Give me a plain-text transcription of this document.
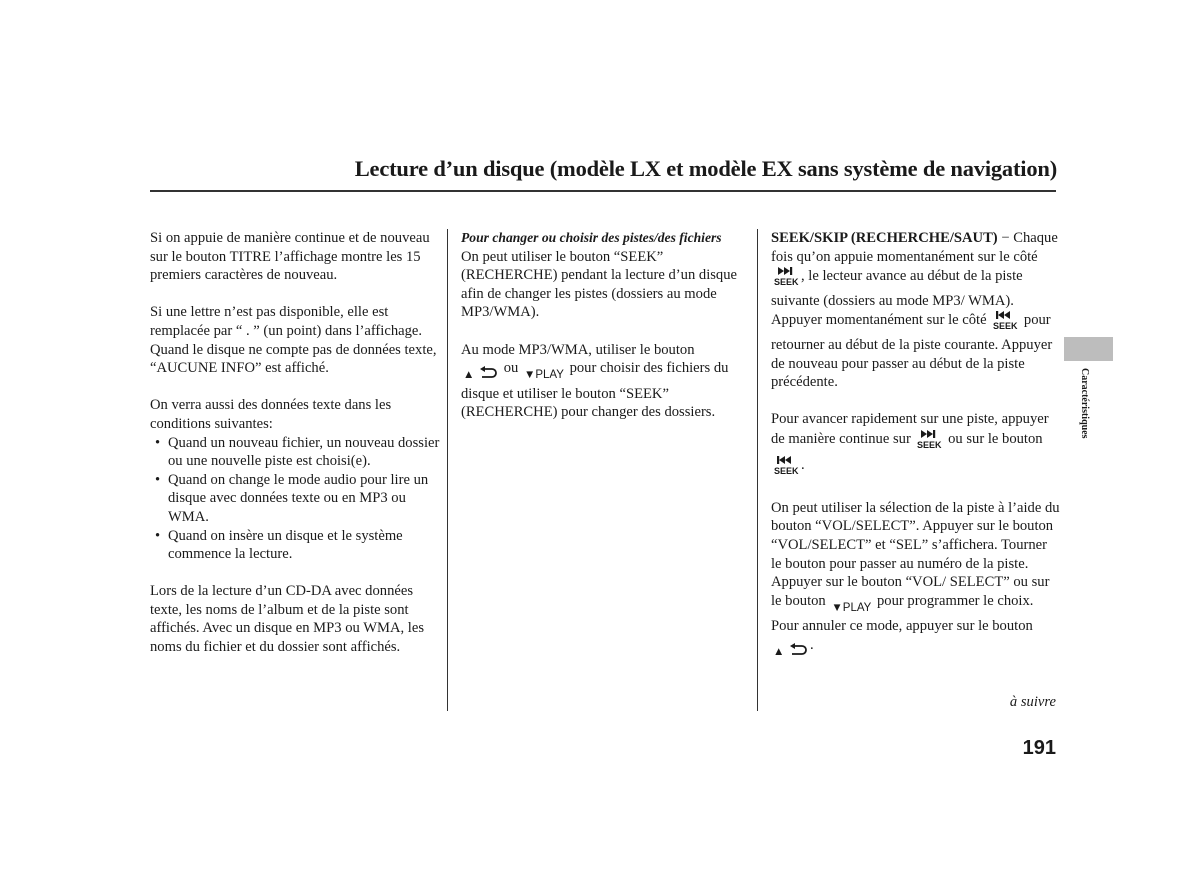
Lecture d’un disque (modèle LX et modèle EX sans système de navigation)

Si on appuie de manière continue et de nouveau sur le bouton TITRE l’affichage montre les 15 premiers caractères de nouveau.

Si une lettre n’est pas disponible, elle est remplacée par “ . ” (un point) dans l’affichage. Quand le disque ne compte pas de données texte, “AUCUNE INFO” est affiché.

On verra aussi des données texte dans les conditions suivantes:

• Quand un nouveau fichier, un nouveau dossier ou une nouvelle piste est choisi(e).
• Quand on change le mode audio pour lire un disque avec données texte ou en MP3 ou WMA.
• Quand on insère un disque et le système commence la lecture.

Lors de la lecture d’un CD-DA avec données texte, les noms de l’album et de la piste sont affichés. Avec un disque en MP3 ou WMA, les noms du fichier et du dossier sont affichés.

Pour changer ou choisir des pistes/des fichiers

On peut utiliser le bouton “SEEK” (RECHERCHE) pendant la lecture d’un disque afin de changer les pistes (dossiers au mode MP3/WMA).

Au mode MP3/WMA, utiliser le bouton
▲ ou ▼PLAY pour choisir des fichiers du disque et utiliser le bouton “SEEK” (RECHERCHE) pour changer des dossiers.

SEEK/SKIP (RECHERCHE/SAUT) − Chaque fois qu’on appuie momentanément sur le côté
SEEK , le lecteur avance au début de la piste suivante (dossiers au mode MP3/ WMA). Appuyer momentanément sur le côté SEEK pour retourner au début de la piste courante. Appuyer de nouveau pour passer au début de la piste précédente.

Pour avancer rapidement sur une piste, appuyer de manière continue sur SEEK ou sur le bouton
SEEK .

On peut utiliser la sélection de la piste à l’aide du bouton “VOL/SELECT”. Appuyer sur le bouton “VOL/SELECT” et “SEL” s’affichera. Tourner le bouton pour passer au numéro de la piste. Appuyer sur le bouton “VOL/ SELECT” ou sur le bouton ▼PLAY pour programmer le choix. Pour annuler ce mode, appuyer sur le bouton ▲ .

Caractéristiques
à suivre
191
